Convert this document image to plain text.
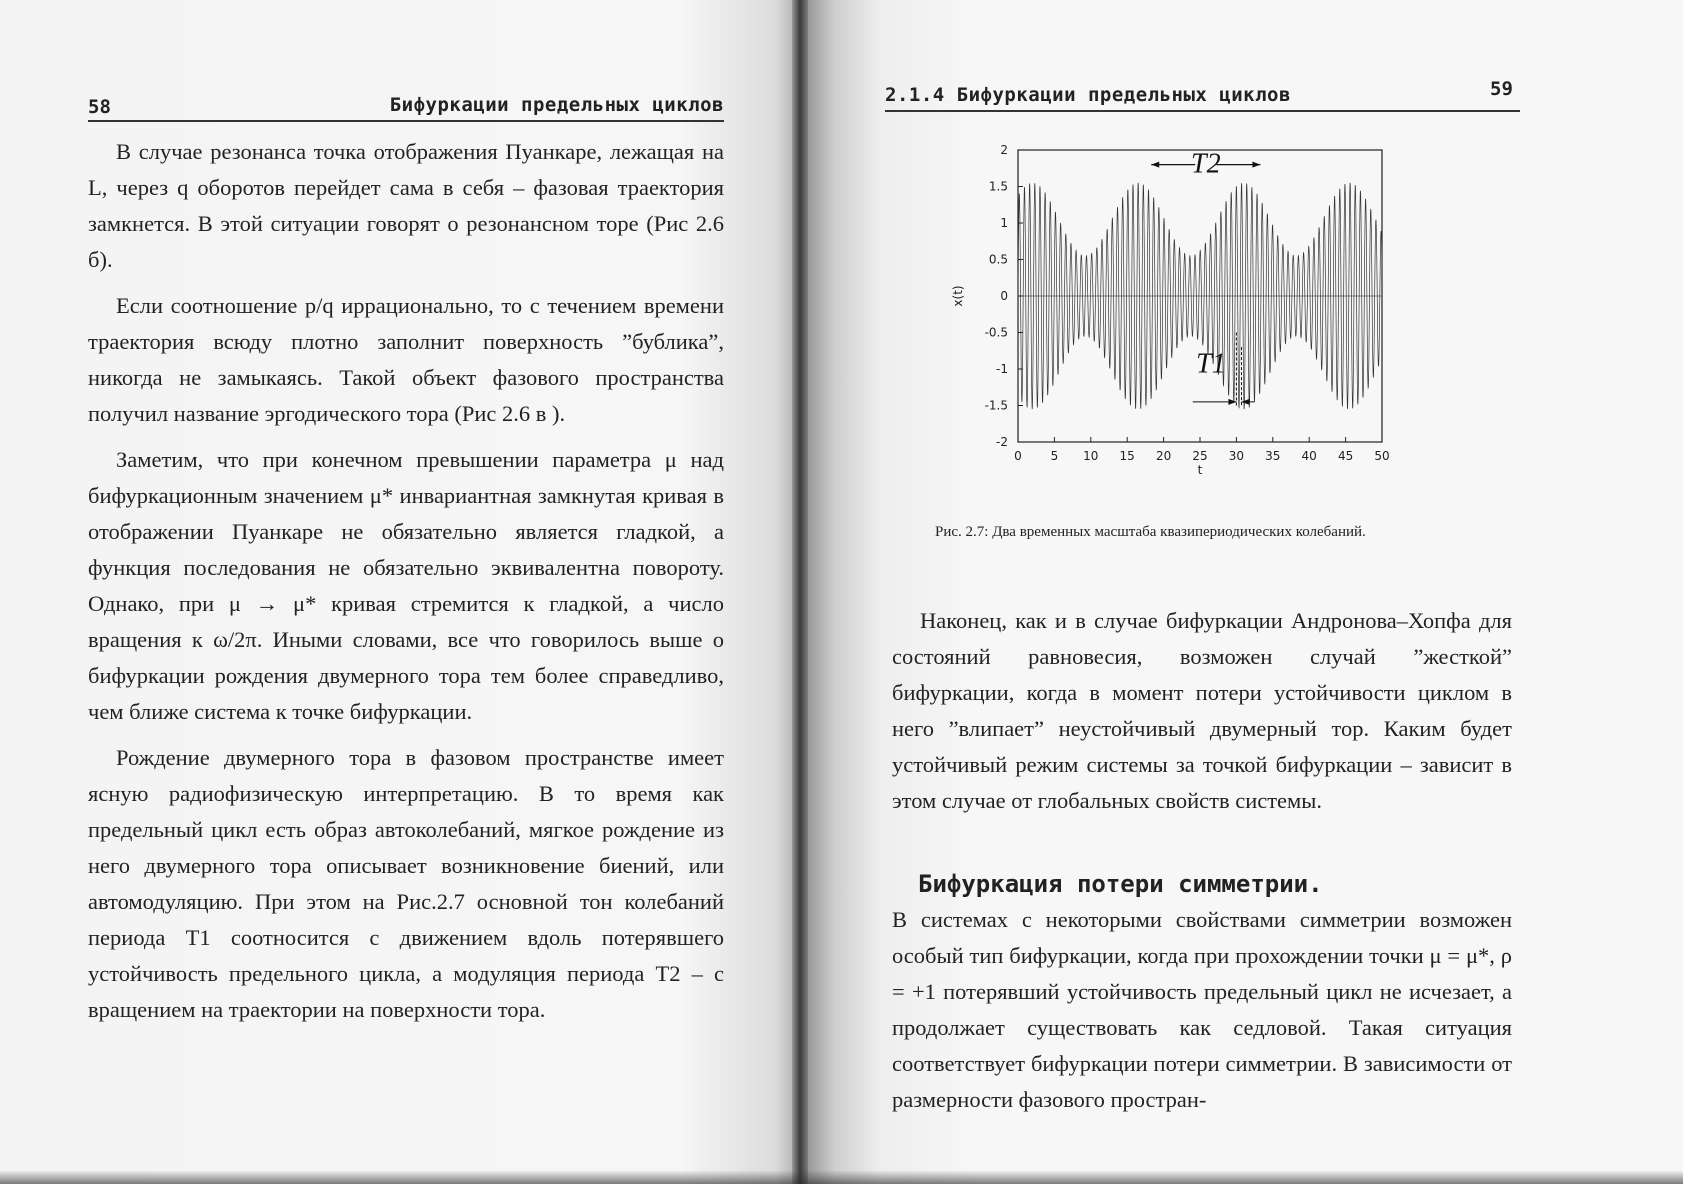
58	Бифуркации предельных циклов

В случае резонанса точка отображения Пуанкаре, лежащая на L, через q оборотов перейдет сама в себя – фазовая траектория замкнется. В этой ситуации говорят о резонансном торе (Рис 2.6 б).

Если соотношение p/q иррационально, то с течением времени траектория всюду плотно заполнит поверхность ”бублика”, никогда не замыкаясь. Такой объект фазового пространства получил название эргодического тора (Рис 2.6 в ).

Заметим, что при конечном превышении параметра μ над бифуркационным значением μ* инвариантная замкнутая кривая в отображении Пуанкаре не обязательно является гладкой, а функция последования не обязательно эквивалентна повороту. Однако, при μ → μ* кривая стремится к гладкой, а число вращения к ω/2π. Иными словами, все что говорилось выше о бифуркации рождения двумерного тора тем более справедливо, чем ближе система к точке бифуркации.

Рождение двумерного тора в фазовом пространстве имеет ясную радиофизическую интерпретацию. В то время как предельный цикл есть образ автоколебаний, мягкое рождение из него двумерного тора описывает возникновение биений, или автомодуляцию. При этом на Рис.2.7 основной тон колебаний периода T1 соотносится с движением вдоль потерявшего устойчивость предельного цикла, а модуляция периода T2 – с вращением на траектории на поверхности тора.

2.1.4 Бифуркации предельных циклов	59
0 5 10 15 20 25 30 35 40 45 50
2
1.5
1
0.5
0
-0.5
-1
-1.5
-2
t
x(t)
T2
T1
Рис. 2.7: Два временных масштаба квазипериодических колебаний.

Наконец, как и в случае бифуркации Андронова–Хопфа для состояний равновесия, возможен случай ”жесткой” бифуркации, когда в момент потери устойчивости циклом в него ”влипает” неустойчивый двумерный тор. Каким будет устойчивый режим системы за точкой бифуркации – зависит в этом случае от глобальных свойств системы.

Бифуркация потери симметрии.

В системах с некоторыми свойствами симметрии возможен особый тип бифуркации, когда при прохождении точки μ = μ*, ρ = +1 потерявший устойчивость предельный цикл не исчезает, а продолжает существовать как седловой. Такая ситуация соответствует бифуркации потери симметрии. В зависимости от размерности фазового простран-
